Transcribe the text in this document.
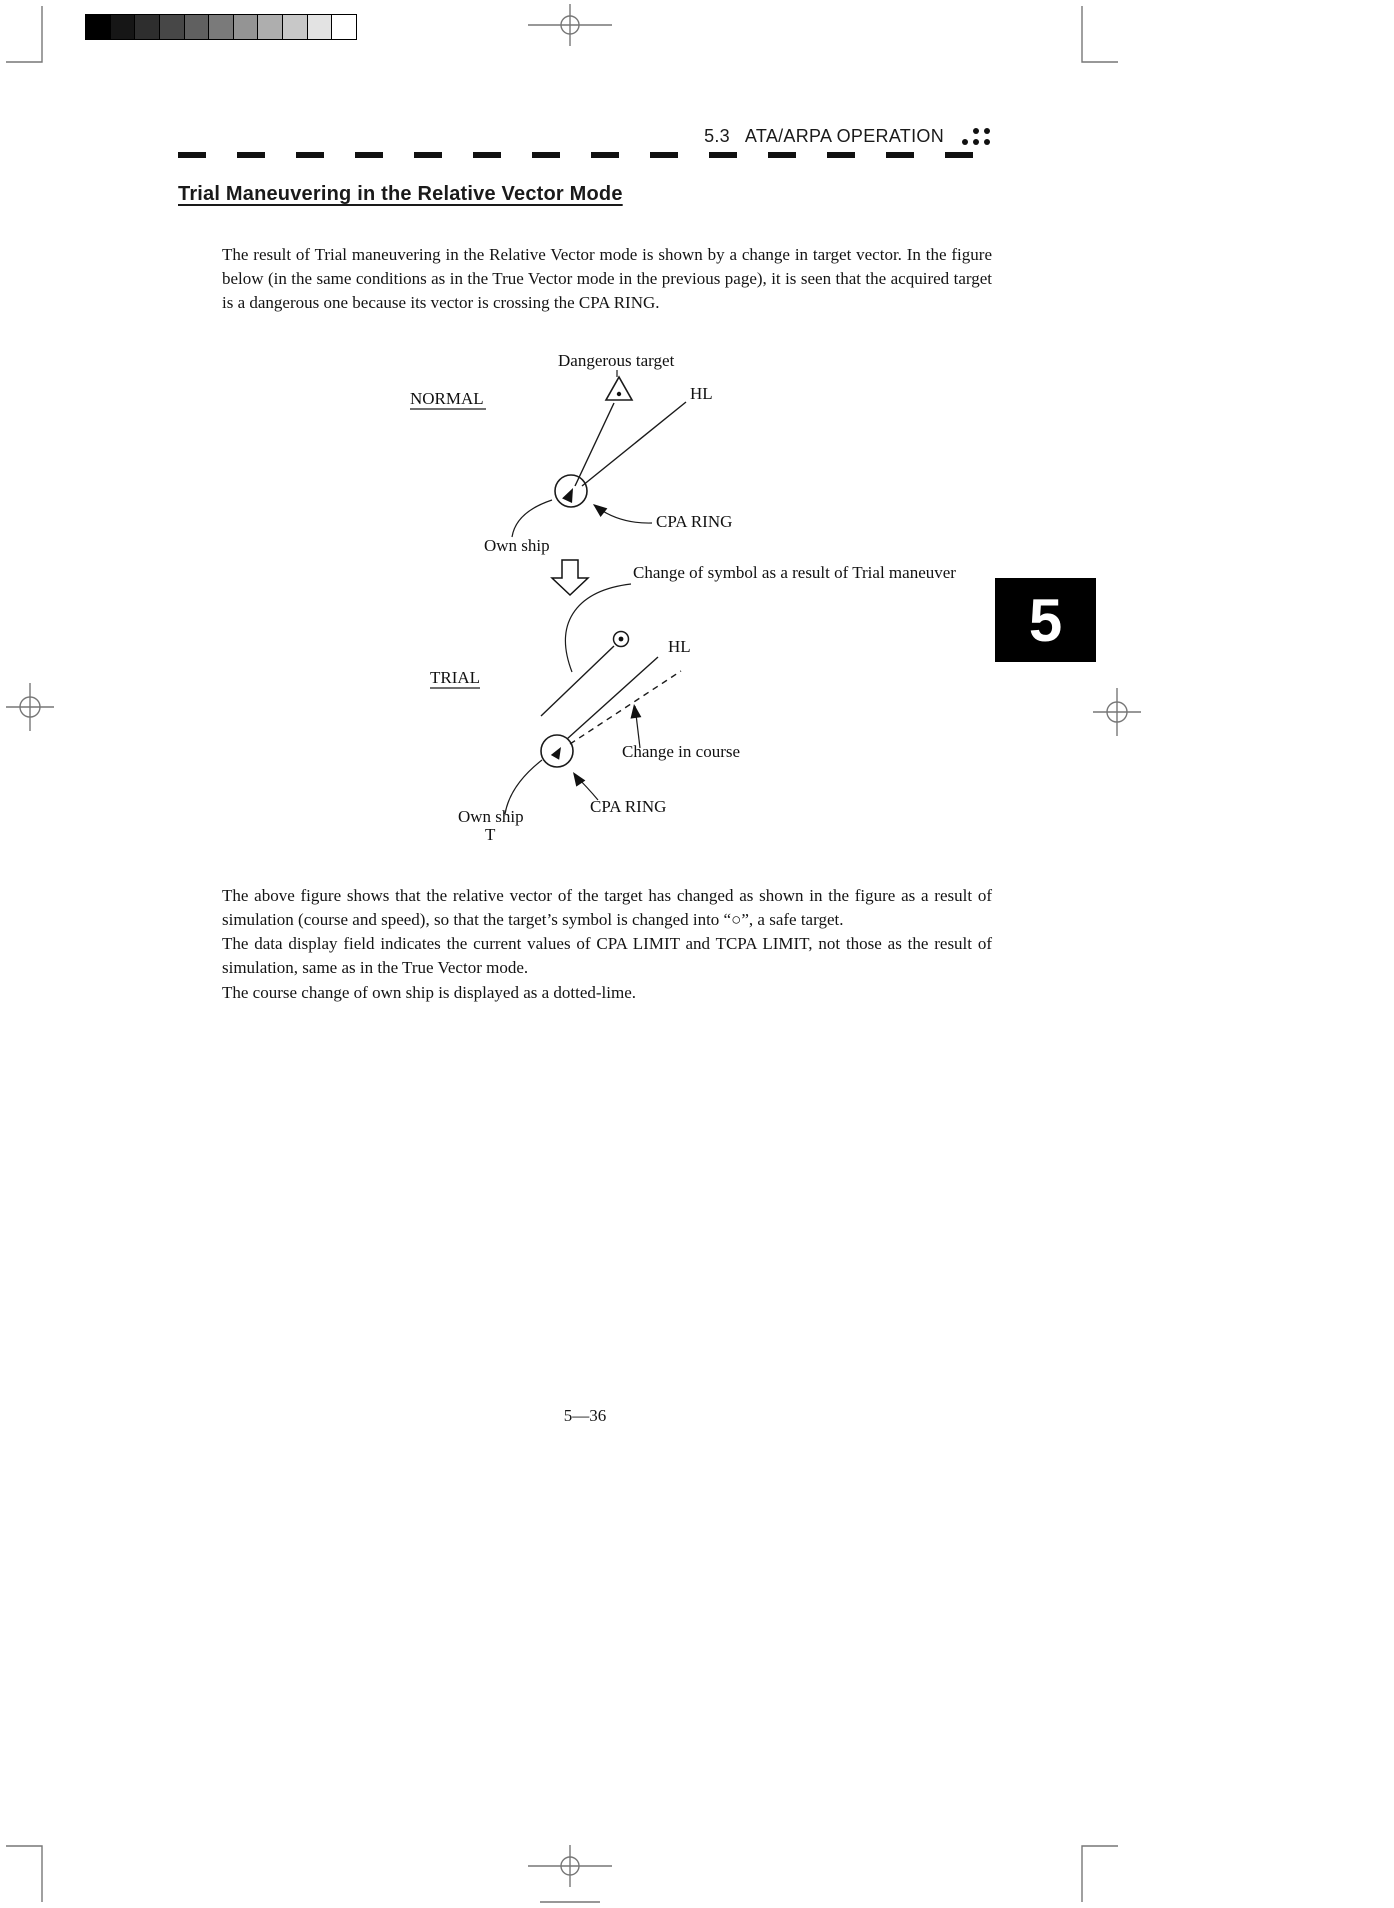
5.3   ATA/ARPA OPERATION
Trial Maneuvering in the Relative Vector Mode

The result of Trial maneuvering in the Relative Vector mode is shown by a change in target vector. In the figure below (in the same conditions as in the True Vector mode in the previous page), it is seen that the acquired target is a dangerous one because its vector is crossing the CPA RING.

Dangerous target
HL
CPA RING
Own ship
NORMAL
Change of symbol as a result of Trial maneuver
HL
Change in course
CPA RING
Own ship
T
TRIAL

The above figure shows that the relative vector of the target has changed as shown in the figure as a result of simulation (course and speed), so that the target’s symbol is changed into “○”, a safe target.

The data display field indicates the current values of CPA LIMIT and TCPA LIMIT, not those as the result of simulation, same as in the True Vector mode.

The course change of own ship is displayed as a dotted-lime.

5
5—36
